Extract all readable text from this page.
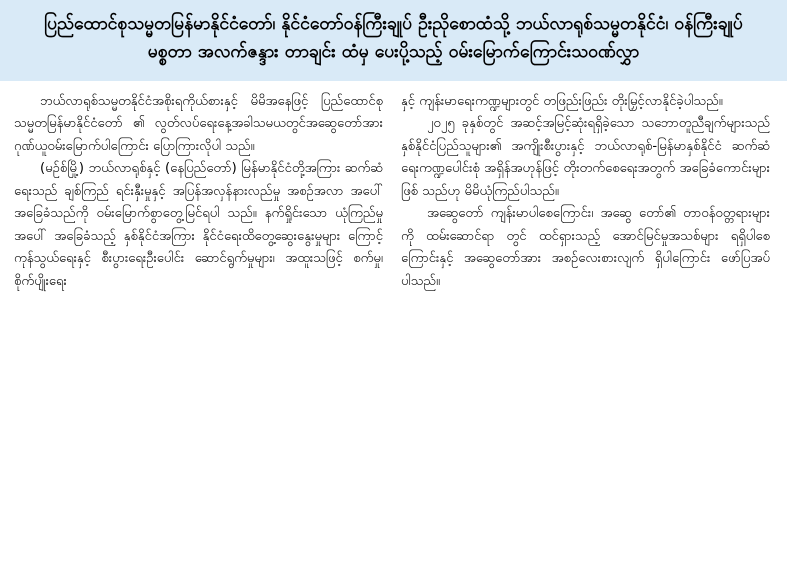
ပြည်ထောင်စုသမ္မတမြန်မာနိုင်ငံတော်၊ နိုင်ငံတော်ဝန်ကြီးချုပ် ဦးညိုစောထံသို့ ဘယ်လာရုစ်သမ္မတနိုင်ငံ၊ ဝန်ကြီးချုပ် မစ္စတာ အလက်ဇန္ဒား တာချင်း ထံမှ ပေးပို့သည့် ဝမ်းမြောက်ကြောင်းသဝဏ်လွှာ

ဘယ်လာရုစ်သမ္မတနိုင်ငံအစိုးရကိုယ်စားနှင့် မိမိအနေဖြင့် ပြည်ထောင်စုသမ္မတမြန်မာနိုင်ငံတော် ၏ လွတ်လပ်ရေးနေ့အခါသမယတွင်အဆွေတော်အား ဂုဏ်ယူဝမ်းမြောက်ပါကြောင်း ပြောကြားလိုပါ သည်။

(မဉ်စ်မြို့) ဘယ်လာရုစ်နှင့် (နေပြည်တော်) မြန်မာနိုင်ငံတို့အကြား ဆက်ဆံရေးသည် ချစ်ကြည် ရင်းနှီးမှုနှင့် အပြန်အလှန်နားလည်မှု အစဉ်အလာ အပေါ် အခြေခံသည်ကို ဝမ်းမြောက်စွာတွေ့မြင်ရပါ သည်။ နက်ရှိုင်းသော ယုံကြည်မှုအပေါ် အခြေခံသည့် နှစ်နိုင်ငံအကြား နိုင်ငံရေးထိတွေ့ဆွေးနွေးမှုများ ကြောင့် ကုန်သွယ်ရေးနှင့် စီးပွားရေးဦးပေါင်း ဆောင်ရွက်မှုများ၊ အထူးသဖြင့် စက်မှု၊ စိုက်ပျိုးရေး

နှင့် ကျန်းမာရေးကဏ္ဍများတွင် တဖြည်းဖြည်း တိုးမြှင့်လာနိုင်ခဲ့ပါသည်။

၂၀၂၅ ခုနှစ်တွင် အဆင့်အမြင့်ဆုံးရရှိခဲ့သော သဘောတူညီချက်များသည် နှစ်နိုင်ငံပြည်သူများ၏ အကျိုးစီးပွားနှင့် ဘယ်လာရုစ်-မြန်မာနှစ်နိုင်ငံ ဆက်ဆံရေးကဏ္ဍပေါင်းစုံ အရှိန်အဟုန်ဖြင့် တိုးတက်စေရေးအတွက် အခြေခံကောင်းများဖြစ် သည်ဟု မိမိယုံကြည်ပါသည်။

အဆွေတော် ကျန်းမာပါစေကြောင်း၊ အဆွေ တော်၏ တာဝန်ဝတ္တရားများကို ထမ်းဆောင်ရာ တွင် ထင်ရှားသည့် အောင်မြင်မှုအသစ်များ ရရှိပါစေ ကြောင်းနှင့် အဆွေတော်အား အစဉ်လေးစားလျက် ရှိပါကြောင်း ဖော်ပြအပ်ပါသည်။
